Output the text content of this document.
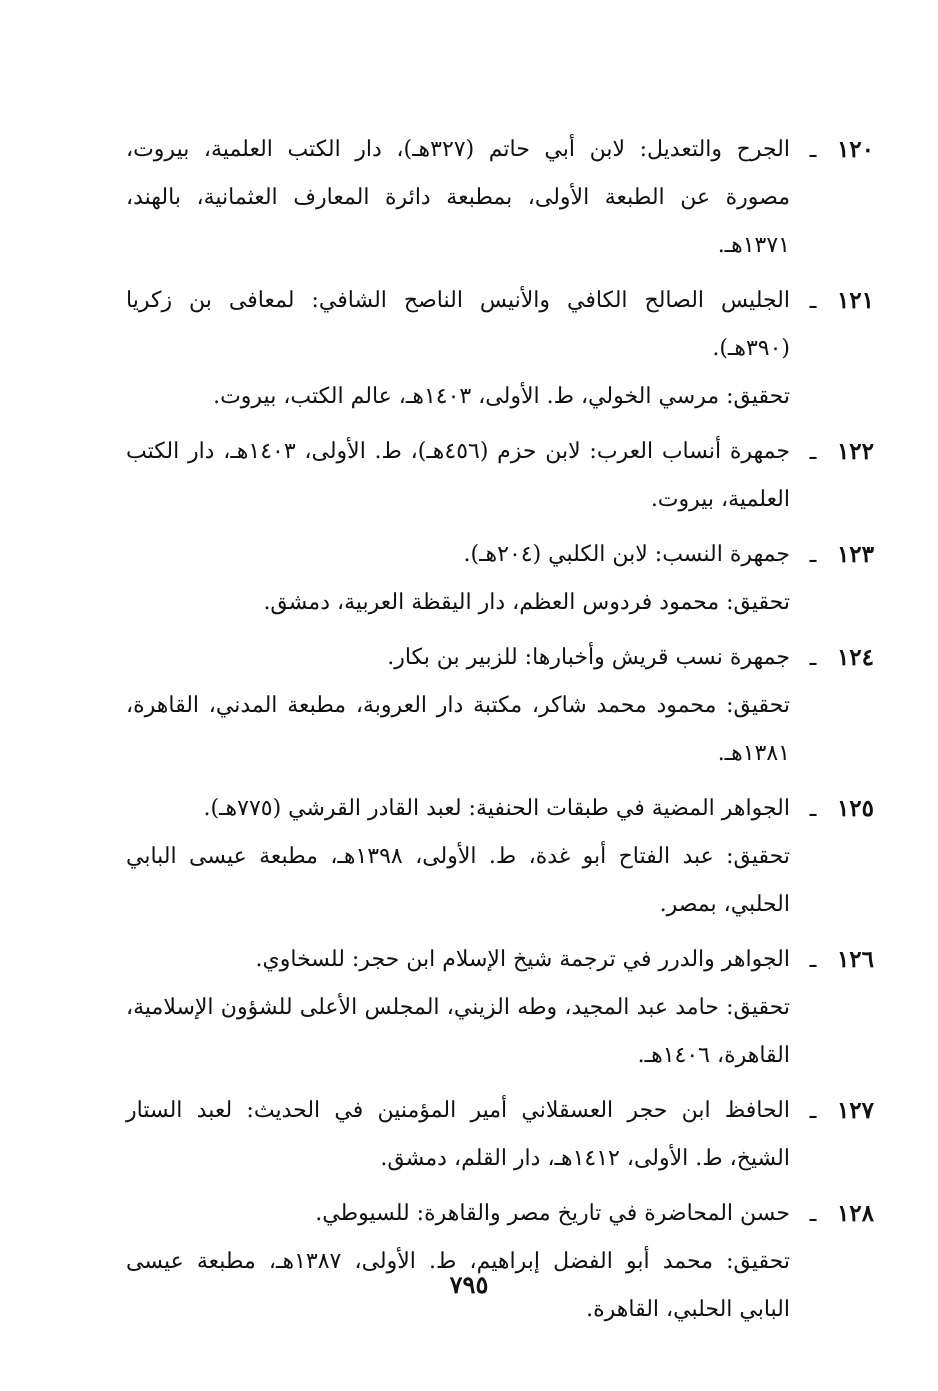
١٢٠
ـ
الجرح والتعديل: لابن أبي حاتم (٣٢٧هـ)، دار الكتب العلمية، بيروت، مصورة عن الطبعة الأولى، بمطبعة دائرة المعارف العثمانية، بالهند، ١٣٧١هـ.
١٢١
ـ
الجليس الصالح الكافي والأنيس الناصح الشافي: لمعافى بن زكريا (٣٩٠هـ).
تحقيق: مرسي الخولي، ط. الأولى، ١٤٠٣هـ، عالم الكتب، بيروت.
١٢٢
ـ
جمهرة أنساب العرب: لابن حزم (٤٥٦هـ)، ط. الأولى، ١٤٠٣هـ، دار الكتب العلمية، بيروت.
١٢٣
ـ
جمهرة النسب: لابن الكلبي (٢٠٤هـ).
تحقيق: محمود فردوس العظم، دار اليقظة العربية، دمشق.
١٢٤
ـ
جمهرة نسب قريش وأخبارها: للزبير بن بكار.
تحقيق: محمود محمد شاكر، مكتبة دار العروبة، مطبعة المدني، القاهرة، ١٣٨١هـ.
١٢٥
ـ
الجواهر المضية في طبقات الحنفية: لعبد القادر القرشي (٧٧٥هـ).
تحقيق: عبد الفتاح أبو غدة، ط. الأولى، ١٣٩٨هـ، مطبعة عيسى البابي الحلبي، بمصر.
١٢٦
ـ
الجواهر والدرر في ترجمة شيخ الإسلام ابن حجر: للسخاوي.
تحقيق: حامد عبد المجيد، وطه الزيني، المجلس الأعلى للشؤون الإسلامية، القاهرة، ١٤٠٦هـ.
١٢٧
ـ
الحافظ ابن حجر العسقلاني أمير المؤمنين في الحديث: لعبد الستار الشيخ، ط. الأولى، ١٤١٢هـ، دار القلم، دمشق.
١٢٨
ـ
حسن المحاضرة في تاريخ مصر والقاهرة: للسيوطي.
تحقيق: محمد أبو الفضل إبراهيم، ط. الأولى، ١٣٨٧هـ، مطبعة عيسى البابي الحلبي، القاهرة.
٧٩٥
